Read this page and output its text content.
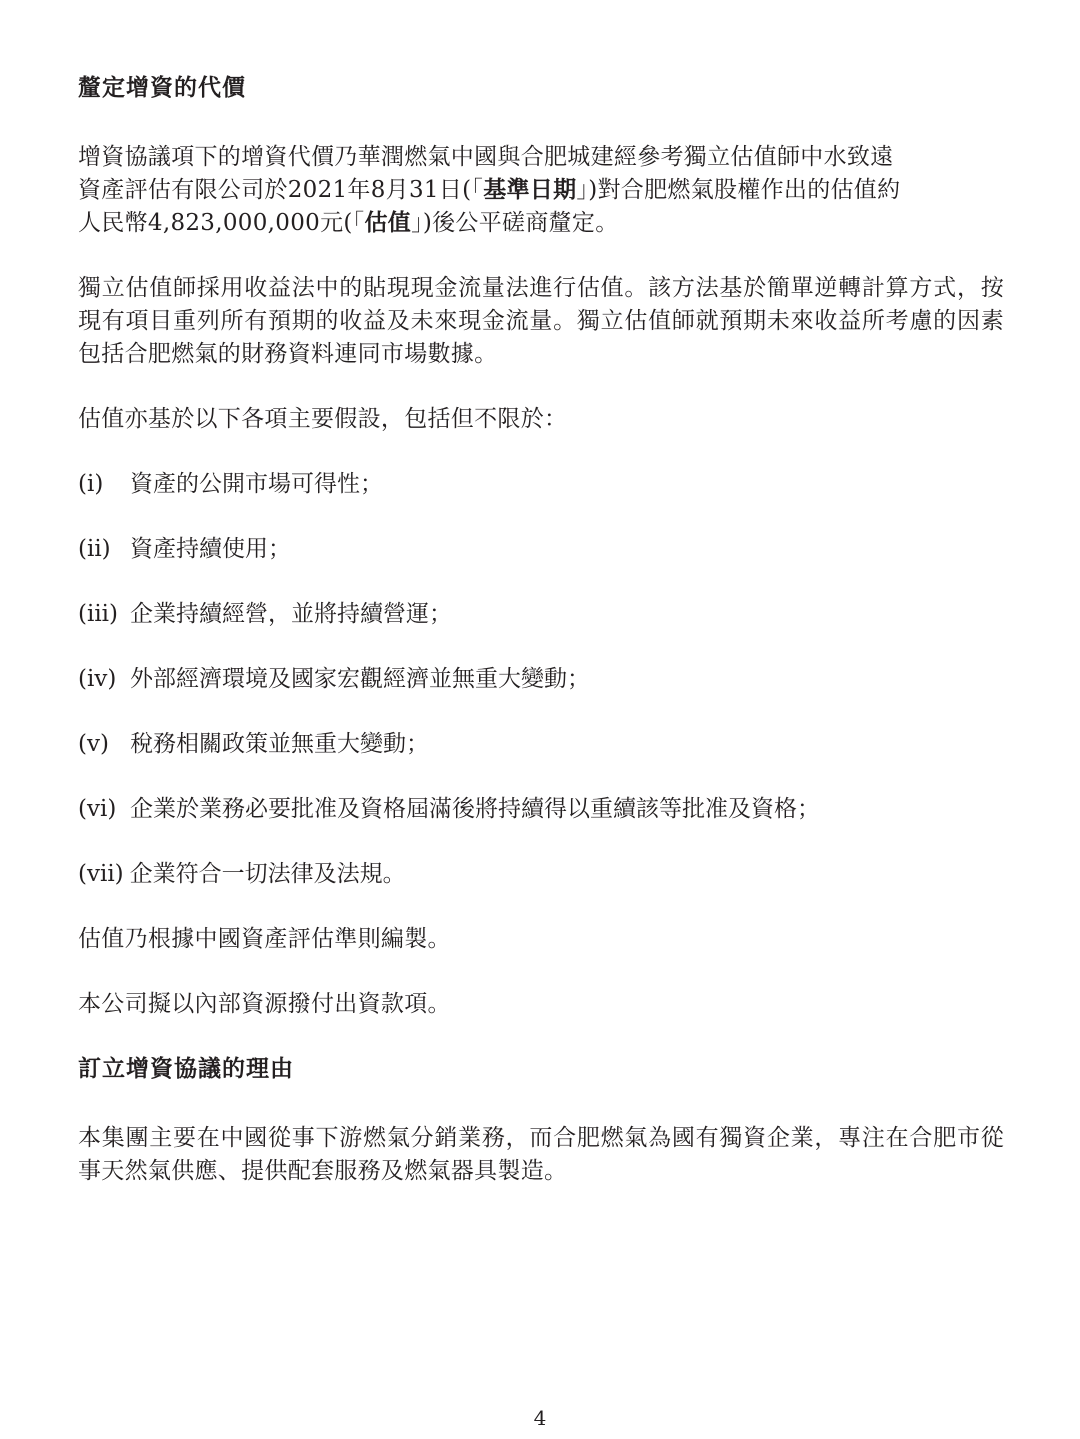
釐定增資的代價

增資協議項下的增資代價乃華潤燃氣中國與合肥城建經參考獨立估值師中水致遠
資產評估有限公司於2021年8月31日(「基準日期」)對合肥燃氣股權作出的估值約
人民幣4,823,000,000元(「估值」)後公平磋商釐定。

獨立估值師採用收益法中的貼現現金流量法進行估值。該方法基於簡單逆轉計算方式，按現有項目重列所有預期的收益及未來現金流量。獨立估值師就預期未來收益所考慮的因素包括合肥燃氣的財務資料連同市場數據。

估值亦基於以下各項主要假設，包括但不限於：

(i)	資產的公開市場可得性；
(ii) 資產持續使用；
(iii) 企業持續經營，並將持續營運；
(iv) 外部經濟環境及國家宏觀經濟並無重大變動；
(v) 稅務相關政策並無重大變動；
(vi) 企業於業務必要批准及資格屆滿後將持續得以重續該等批准及資格；
(vii) 企業符合一切法律及法規。

估值乃根據中國資產評估準則編製。

本公司擬以內部資源撥付出資款項。

訂立增資協議的理由

本集團主要在中國從事下游燃氣分銷業務，而合肥燃氣為國有獨資企業，專注在合肥市從事天然氣供應、提供配套服務及燃氣器具製造。

4
